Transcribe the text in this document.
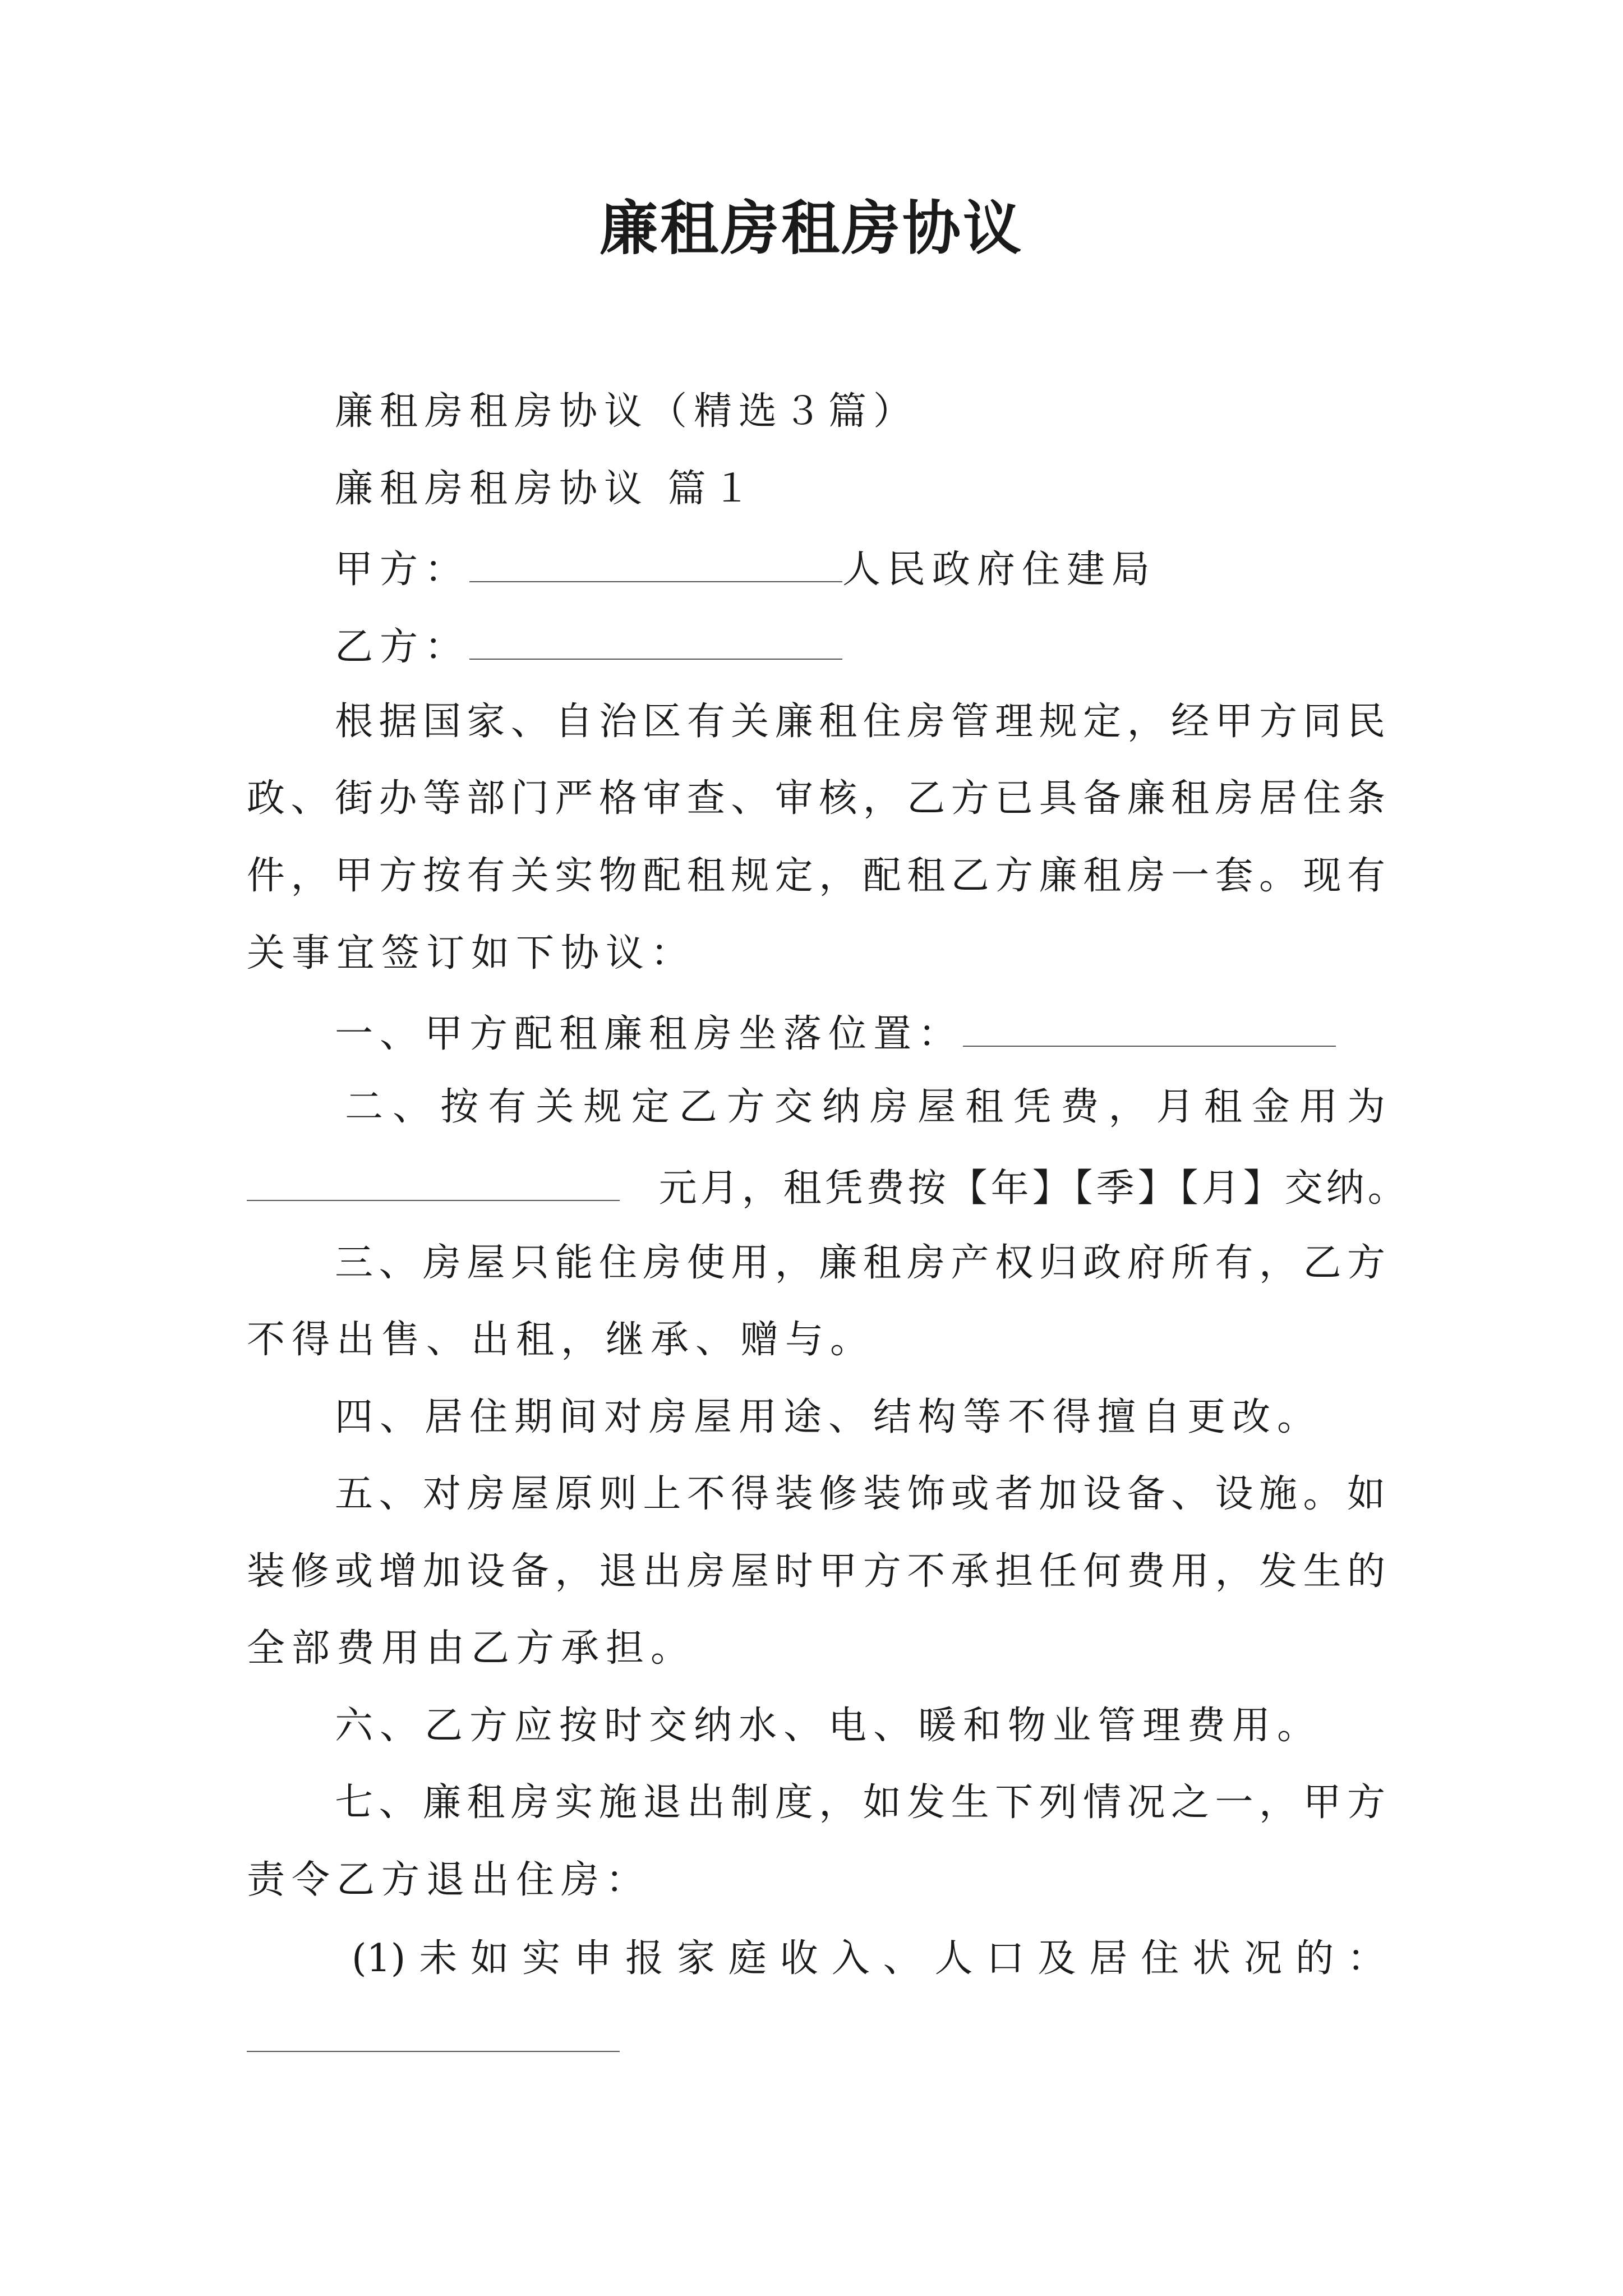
廉租房租房协议
廉租房租房协议（精选３篇）
廉租房租房协议 篇１
甲方：	人民政府住建局
乙方：
根据国家、自治区有关廉租住房管理规定，经甲方同民
政、街办等部门严格审查、审核，乙方已具备廉租房居住条
件，甲方按有关实物配租规定，配租乙方廉租房一套。现有
关事宜签订如下协议：
一、甲方配租廉租房坐落位置：
二、按有关规定乙方交纳房屋租凭费，月租金用为
元月，租凭费按【年】【季】【月】交纳。
三、房屋只能住房使用，廉租房产权归政府所有，乙方
不得出售、出租，继承、赠与。
四、居住期间对房屋用途、结构等不得擅自更改。
五、对房屋原则上不得装修装饰或者加设备、设施。如
装修或增加设备，退出房屋时甲方不承担任何费用，发生的
全部费用由乙方承担。
六、乙方应按时交纳水、电、暖和物业管理费用。
七、廉租房实施退出制度，如发生下列情况之一，甲方
责令乙方退出住房：
(1)未如实申报家庭收入、人口及居住状况的：
